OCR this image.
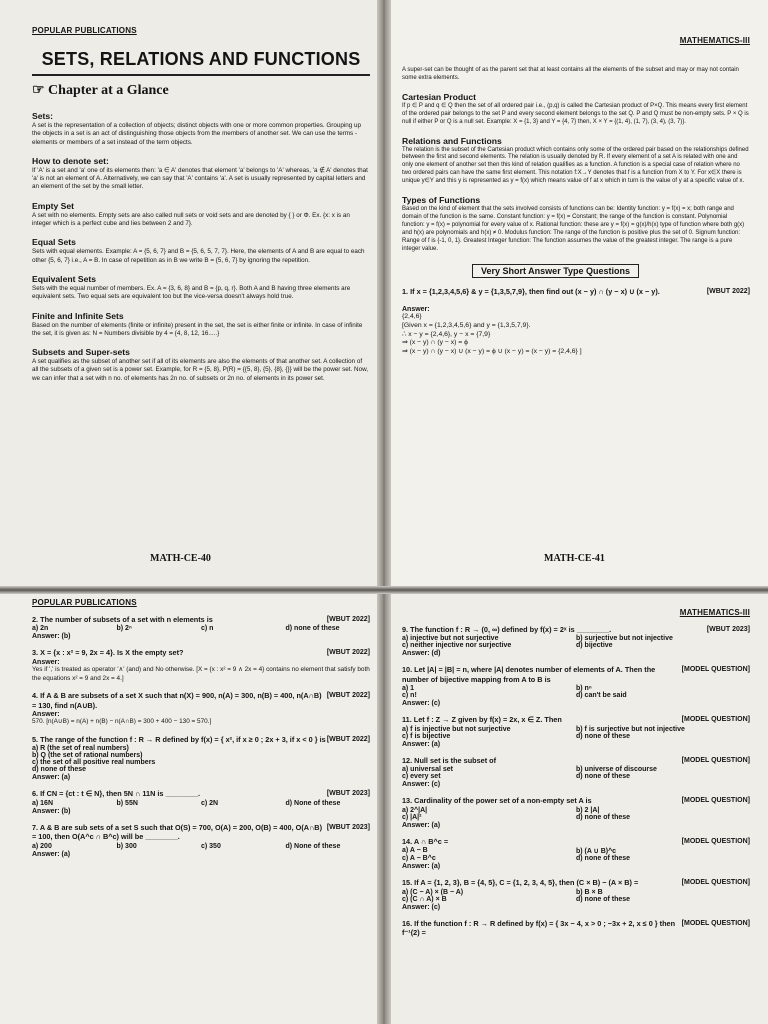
POPULAR PUBLICATIONS
SETS, RELATIONS AND FUNCTIONS
☞ Chapter at a Glance
Sets:

A set is the representation of a collection of objects; distinct objects with one or more common properties. Grouping up the objects in a set is an act of distinguishing those objects from the members of another set. We can use the terms - elements or members of a set instead of the term objects.

How to denote set:

If 'A' is a set and 'a' one of its elements then: 'a ∈ A' denotes that element 'a' belongs to 'A' whereas, 'a ∉ A' denotes that 'a' is not an element of A. Alternatively, we can say that 'A' contains 'a'. A set is usually represented by capital letters and an element of the set by the small letter.

Empty Set

A set with no elements. Empty sets are also called null sets or void sets and are denoted by { } or Φ. Ex. {x: x is an integer which is a perfect cube and lies between 2 and 7}.

Equal Sets

Sets with equal elements. Example: A = {5, 6, 7} and B = {5, 6, 5, 7, 7}. Here, the elements of A and B are equal to each other {5, 6, 7} i.e., A = B. In case of repetition as in B we write B = {5, 6, 7} by ignoring the repetition.

Equivalent Sets

Sets with the equal number of members. Ex. A = {3, 6, 8} and B = {p, q, r}. Both A and B having three elements are equivalent sets. Two equal sets are equivalent too but the vice-versa doesn't always hold true.

Finite and Infinite Sets

Based on the number of elements (finite or infinite) present in the set, the set is either finite or infinite. In case of infinite the set, it is given as: N = Numbers divisible by 4 = {4, 8, 12, 16.....}

Subsets and Super-sets

A set qualifies as the subset of another set if all of its elements are also the elements of that another set. A collection of all the subsets of a given set is a power set. Example, for R = {5, 8}, P(R) = {{5, 8}, {5}, {8}, {}} will be the power set. Now, we can infer that a set with n no. of elements has 2n no. of subsets or 2n no. of elements in its power set.

MATH-CE-40
MATHEMATICS-III

A super-set can be thought of as the parent set that at least contains all the elements of the subset and may or may not contain some extra elements.

Cartesian Product

If p ∈ P and q ∈ Q then the set of all ordered pair i.e., (p,q) is called the Cartesian product of P×Q. This means every first element of the ordered pair belongs to the set P and every second element belongs to the set Q. P and Q must be non-empty sets. P × Q is null if either P or Q is a null set. Example: X = {1, 3} and Y = {4, 7} then, X × Y = {(1, 4), (1, 7), (3, 4), (3, 7)}.

Relations and Functions

The relation is the subset of the Cartesian product which contains only some of the ordered pair based on the relationships defined between the first and second elements. The relation is usually denoted by R. If every element of a set A is related with one and only one element of another set then this kind of relation qualifies as a function. A function is a special case of relation where no two ordered pairs can have the same first element. This notation f:X→Y denotes that f is a function from X to Y. For x∈X there is unique y∈Y and this y is represented as y = f(x) which means value of f at x which in turn is the value of y at a specific value of x.

Types of Functions

Based on the kind of element that the sets involved consists of functions can be: Identity function: y = f(x) = x; both range and domain of the function is the same. Constant function: y = f(x) = Constant; the range of the function is constant. Polynomial function: y = f(x) = polynomial for every value of x. Rational function: these are y = f(x) = g(x)/h(x) type of function where both g(x) and h(x) are polynomials and h(x) ≠ 0. Modulus function: The range of the function is positive plus the set of 0. Signum function: Range of f is {-1, 0, 1}. Greatest Integer function: The function assumes the value of the greatest integer. The range is a pure integer value.

Very Short Answer Type Questions
1. If x = {1,2,3,4,5,6} & y = {1,3,5,7,9}, then find out (x − y) ∩ (y − x) ∪ (x − y).	[WBUT 2022]
Answer:
{2,4,6}
[Given x = {1,2,3,4,5,6} and y = {1,3,5,7,9}.
∴ x − y = {2,4,6}, y − x = {7,9}
⇒ (x − y) ∩ (y − x) = ϕ
⇒ (x − y) ∩ (y − x) ∪ (x − y) = ϕ ∪ (x − y) = (x − y) = {2,4,6} ]
MATH-CE-41
POPULAR PUBLICATIONS
[WBUT 2022]
2. The number of subsets of a set with n elements is
a) 2n	b) 2ⁿ	c) n	d) none of these
Answer: (b)
[WBUT 2022]
3. X = {x : x² = 9, 2x = 4}. Is X the empty set?
Answer:
Yes if ',' is treated as operator '∧' (and) and No otherwise. [X = {x : x² = 9 ∧ 2x = 4} contains no element that satisfy both the equations x² = 9 and 2x = 4.]
[WBUT 2022]
4. If A & B are subsets of a set X such that n(X) = 900, n(A) = 300, n(B) = 400, n(A∩B) = 130, find n(A∪B).
Answer:
570. [n(A∪B) = n(A) + n(B) − n(A∩B) = 300 + 400 − 130 = 570.]
[WBUT 2022]
5. The range of the function f : R → R defined by f(x) = { x², if x ≥ 0 ; 2x + 3, if x < 0 } is
a) R (the set of real numbers)
b) Q (the set of rational numbers)
c) the set of all positive real numbers
d) none of these
Answer: (a)
[WBUT 2023]
6. If CN = {ct : t ∈ N}, then 5N ∩ 11N is ________.
a) 16N	b) 55N	c) 2N	d) None of these
Answer: (b)
[WBUT 2023]
7. A & B are sub sets of a set S such that O(S) = 700, O(A) = 200, O(B) = 400, O(A∩B) = 100, then O(A^c ∩ B^c) will be ________.
a) 200	b) 300	c) 350	d) None of these
Answer: (a)
MATHEMATICS-III
[WBUT 2023]
9. The function f : R → (0, ∞) defined by f(x) = 2ˣ is ________.
a) injective but not surjective	b) surjective but not injective
c) neither injective nor surjective	d) bijective
Answer: (d)
[MODEL QUESTION]
10. Let |A| = |B| = n, where |A| denotes number of elements of A. Then the number of bijective mapping from A to B is
a) 1	b) nⁿ
c) n!	d) can't be said
Answer: (c)
[MODEL QUESTION]
11. Let f : Z → Z given by f(x) = 2x, x ∈ Z. Then
a) f is injective but not surjective	b) f is surjective but not injective
c) f is bijective	d) none of these
Answer: (a)
[MODEL QUESTION]
12. Null set is the subset of
a) universal set	b) universe of discourse
c) every set	d) none of these
Answer: (c)
[MODEL QUESTION]
13. Cardinality of the power set of a non-empty set A is
a) 2^|A|	b) 2 |A|
c) |A|²	d) none of these
Answer: (a)
[MODEL QUESTION]
14. A ∩ B^c =
a) A − B	b) (A ∪ B)^c
c) A − B^c	d) none of these
Answer: (a)
[MODEL QUESTION]
15. If A = {1, 2, 3}, B = {4, 5}, C = {1, 2, 3, 4, 5}, then (C × B) − (A × B) =
a) (C − A) × (B − A)	b) B × B
c) (C ∩ A) × B	d) none of these
Answer: (c)
[MODEL QUESTION]
16. If the function f : R → R defined by f(x) = { 3x − 4, x > 0 ; −3x + 2, x ≤ 0 } then f⁻¹(2) =
